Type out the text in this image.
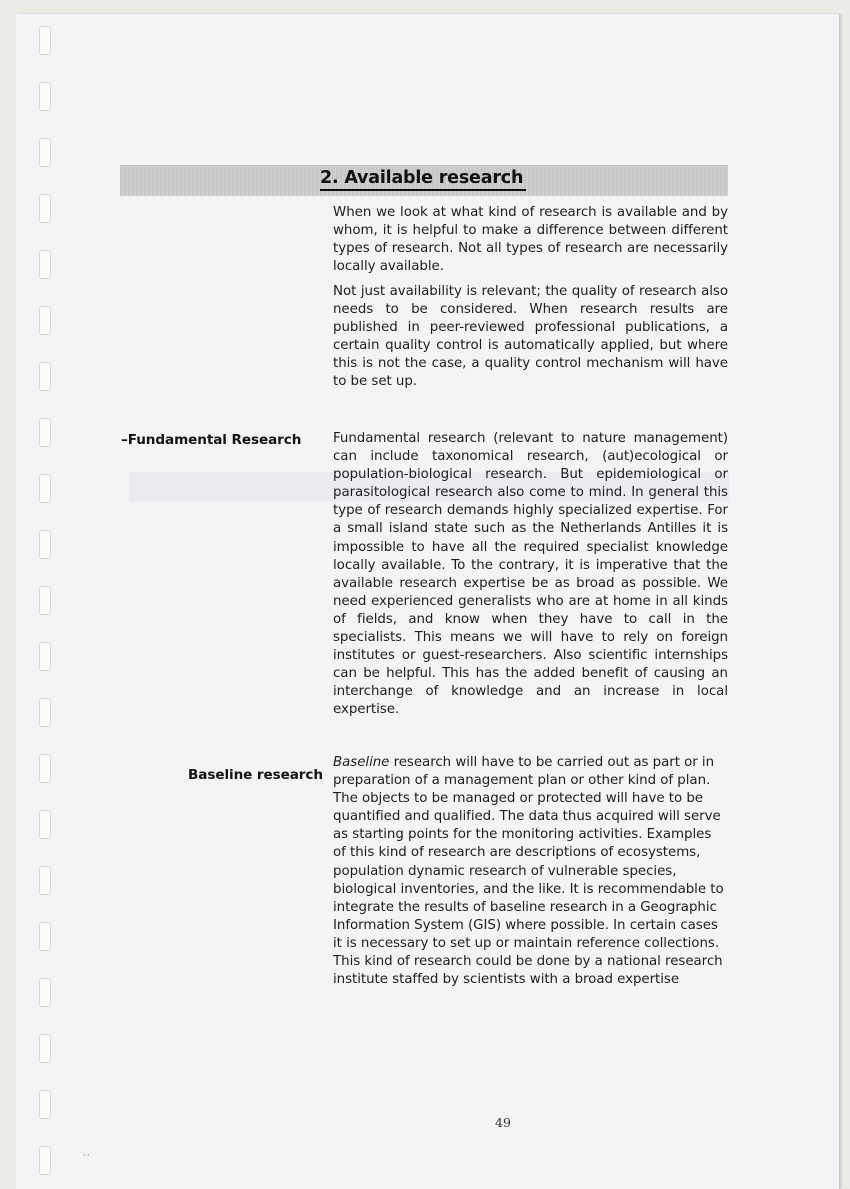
2. Available research
When we look at what kind of research is available and by whom, it is helpful to make a difference between different types of research. Not all types of research are necessarily locally available.
Not just availability is relevant; the quality of research also needs to be considered. When research results are published in peer-reviewed professional publications, a certain quality control is automatically applied, but where this is not the case, a quality control mechanism will have to be set up.
–Fundamental Research Fundamental research (relevant to nature management) can include taxonomical research, (aut)ecological or population-biological research. But epidemiological or parasitological research also come to mind. In general this type of research demands highly specialized expertise. For a small island state such as the Netherlands Antilles it is impossible to have all the required specialist knowledge locally available. To the contrary, it is imperative that the available research expertise be as broad as possible. We need experienced generalists who are at home in all kinds of fields, and know when they have to call in the specialists. This means we will have to rely on foreign institutes or guest-researchers. Also scientific internships can be helpful. This has the added benefit of causing an interchange of knowledge and an increase in local expertise.
Baseline research
Baseline research will have to be carried out as part or in preparation of a management plan or other kind of plan. The objects to be managed or protected will have to be quantified and qualified. The data thus acquired will serve as starting points for the monitoring activities. Examples of this kind of research are descriptions of ecosystems, population dynamic research of vulnerable species, biological inventories, and the like. It is recommendable to integrate the results of baseline research in a Geographic Information System (GIS) where possible. In certain cases it is necessary to set up or maintain reference collections. This kind of research could be done by a national research institute staffed by scientists with a broad expertise
49
··
